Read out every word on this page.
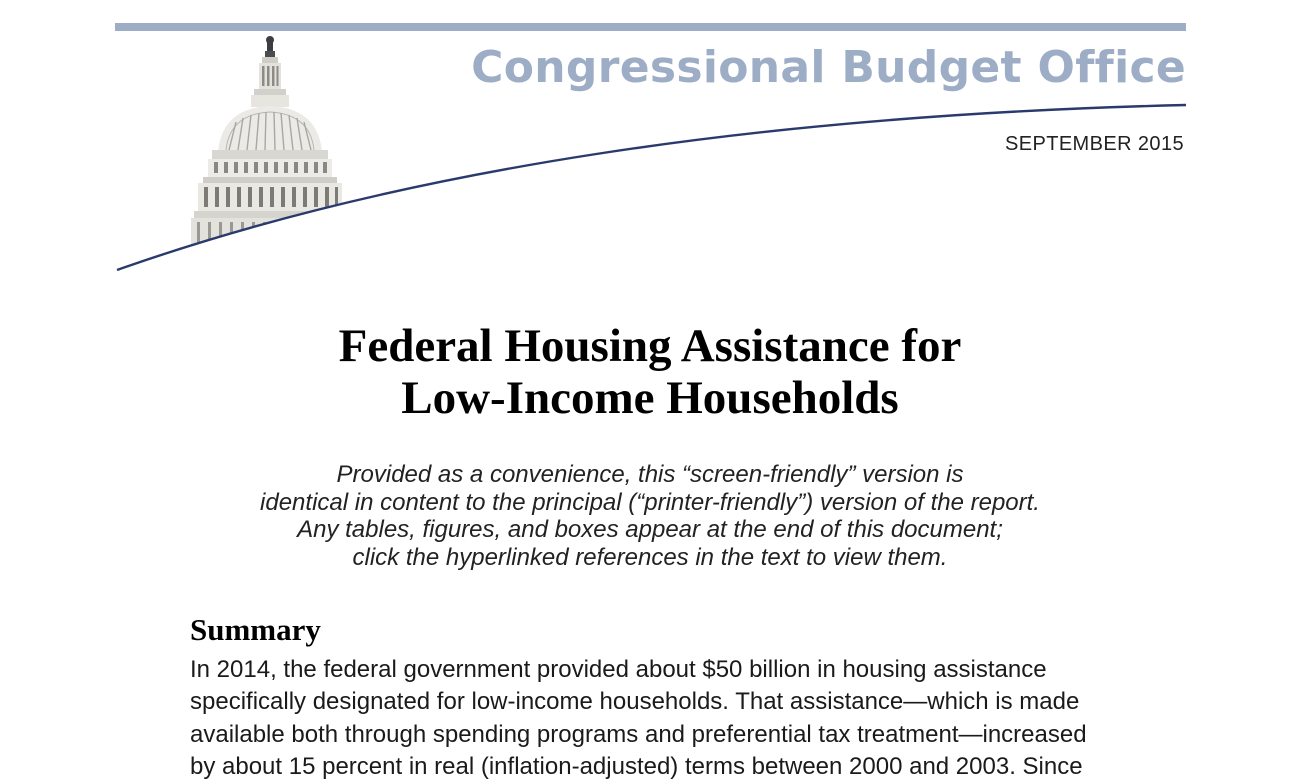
Congressional Budget Office
SEPTEMBER 2015
Federal Housing Assistance for
Low-Income Households
Provided as a convenience, this “screen-friendly” version is
identical in content to the principal (“printer-friendly”) version of the report.
Any tables, figures, and boxes appear at the end of this document;
click the hyperlinked references in the text to view them.
Summary
In 2014, the federal government provided about $50 billion in housing assistance
specifically designated for low-income households. That assistance—which is made
available both through spending programs and preferential tax treatment—increased
by about 15 percent in real (inflation-adjusted) terms between 2000 and 2003. Since
